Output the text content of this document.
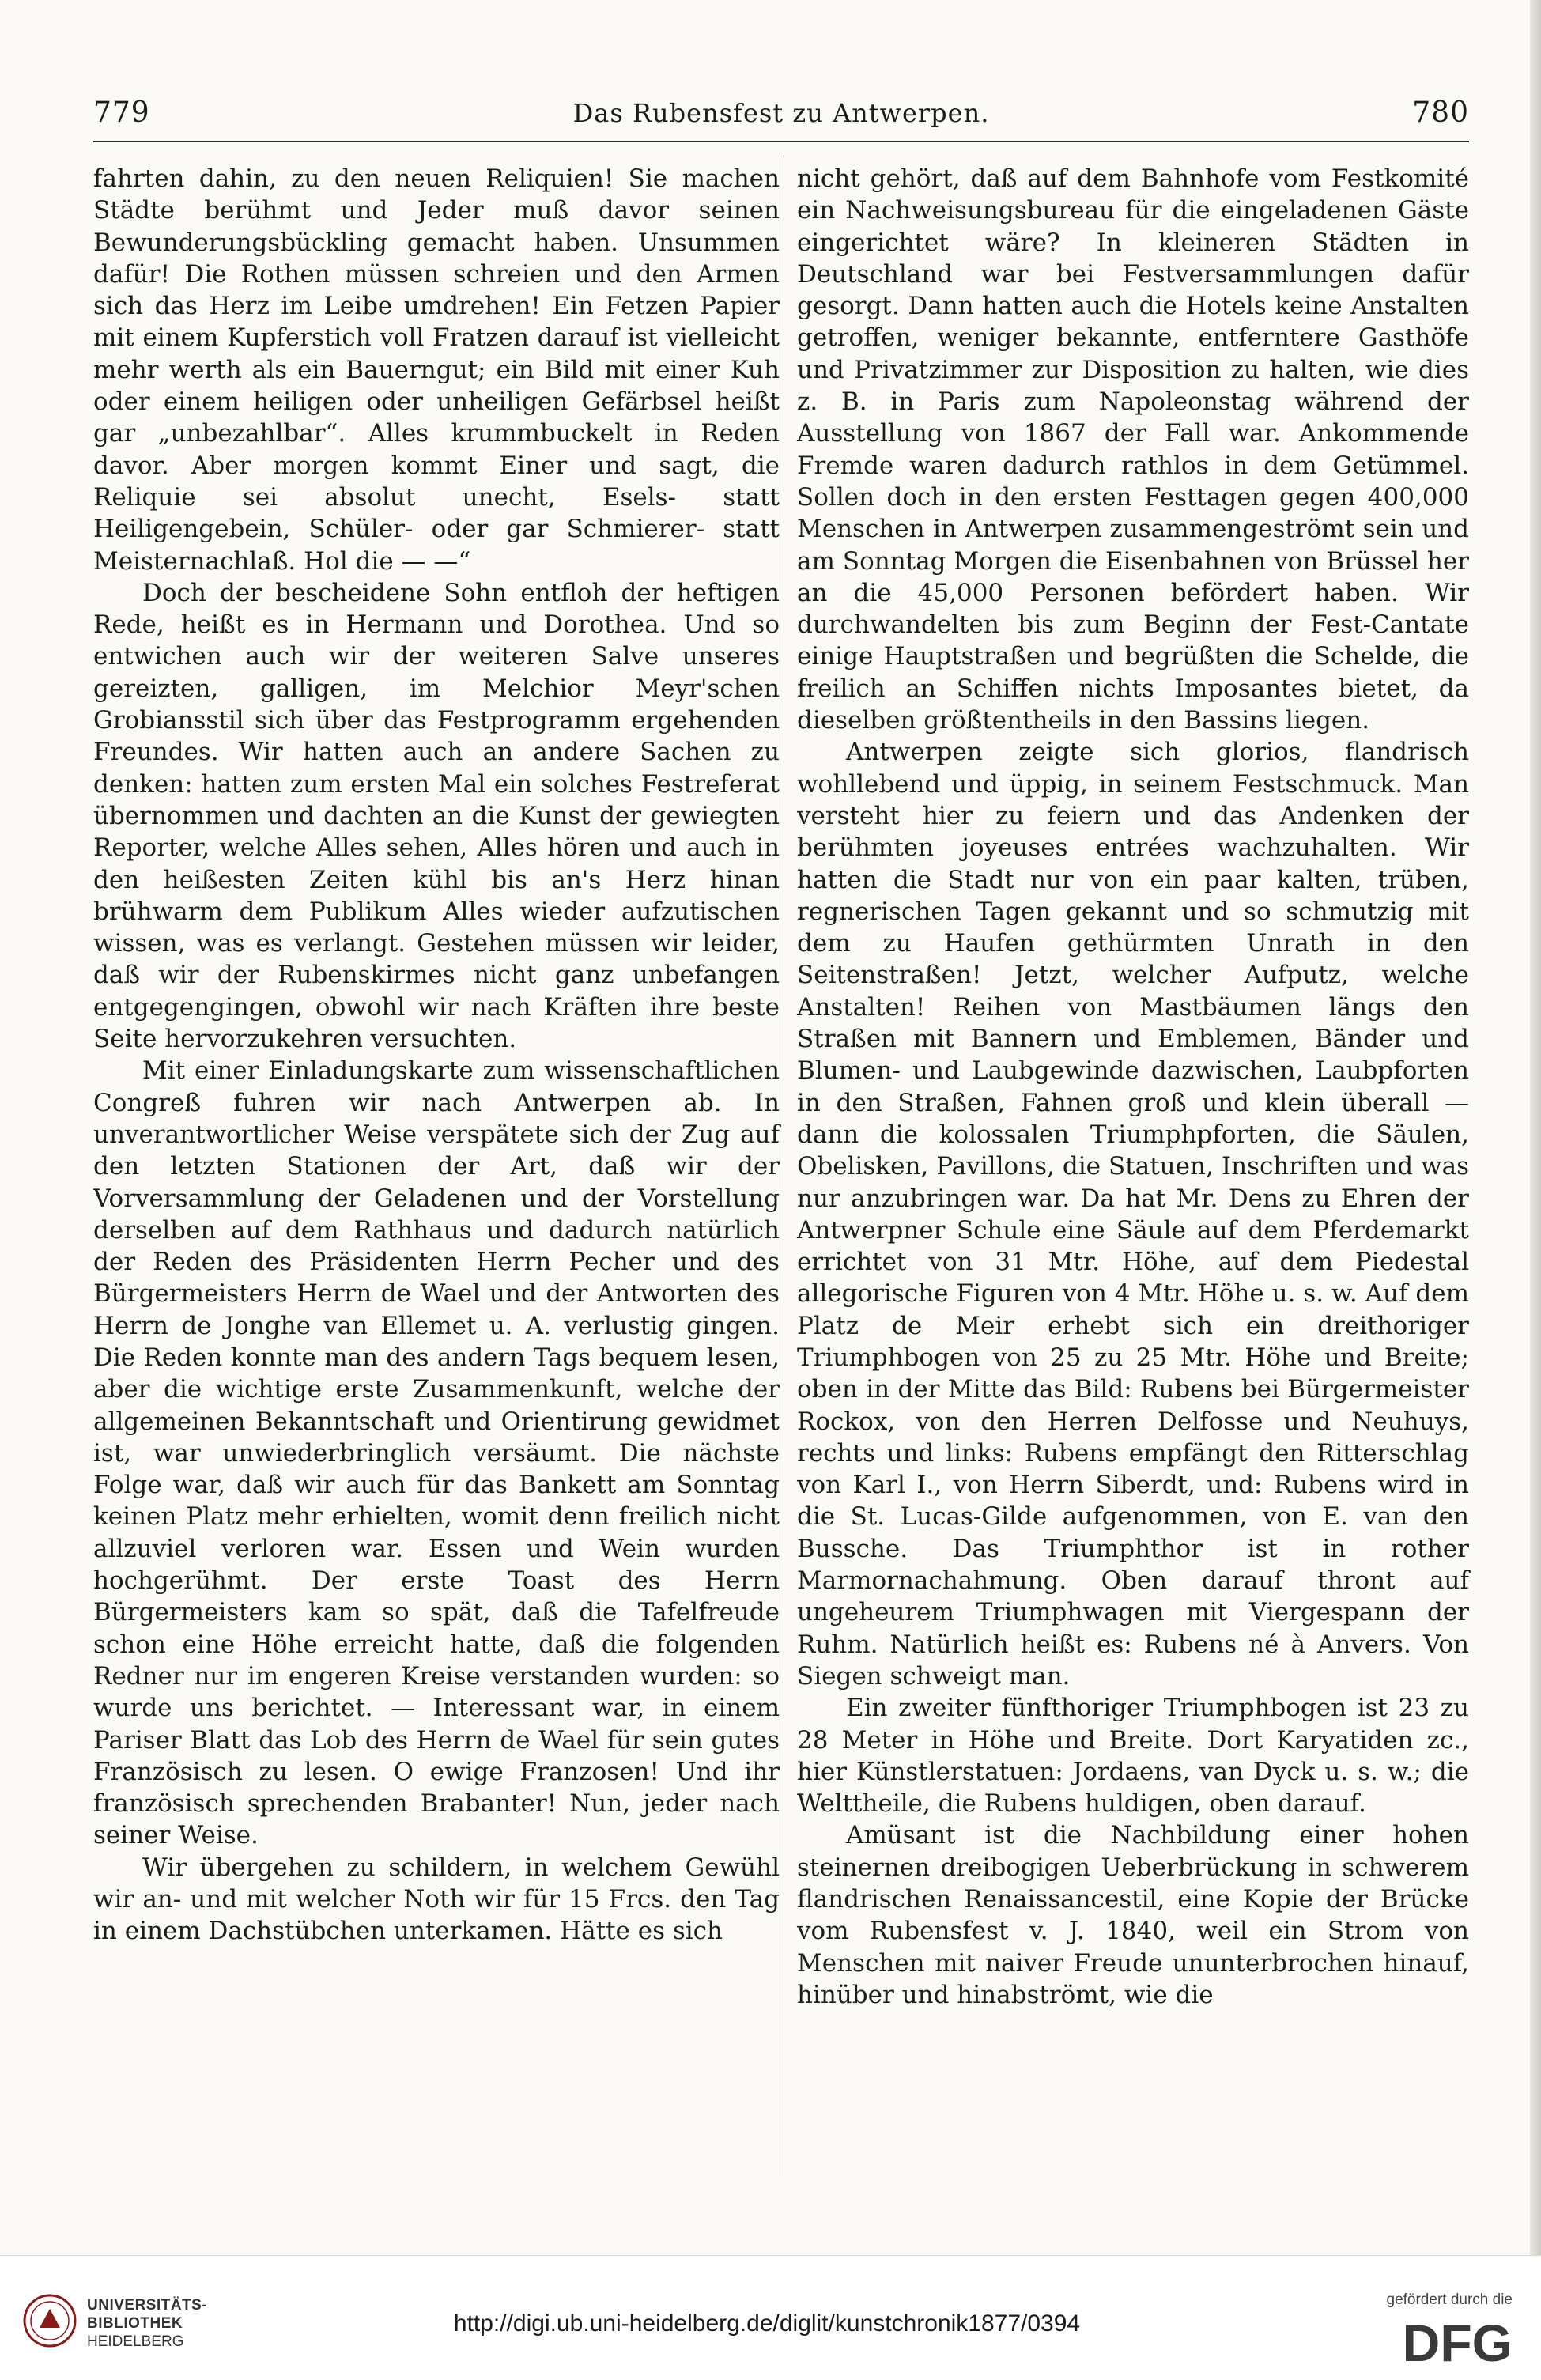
779	Das Rubensfest zu Antwerpen.	780

fahrten dahin, zu den neuen Reliquien! Sie machen Städte berühmt und Jeder muß davor seinen Bewunderungsbückling gemacht haben. Unsummen dafür! Die Rothen müssen schreien und den Armen sich das Herz im Leibe umdrehen! Ein Fetzen Papier mit einem Kupferstich voll Fratzen darauf ist vielleicht mehr werth als ein Bauerngut; ein Bild mit einer Kuh oder einem heiligen oder unheiligen Gefärbsel heißt gar „unbezahlbar“. Alles krummbuckelt in Reden davor. Aber morgen kommt Einer und sagt, die Reliquie sei absolut unecht, Esels- statt Heiligengebein, Schüler- oder gar Schmierer- statt Meisternachlaß. Hol die — —“

Doch der bescheidene Sohn entfloh der heftigen Rede, heißt es in Hermann und Dorothea. Und so entwichen auch wir der weiteren Salve unseres gereizten, galligen, im Melchior Meyr'schen Grobiansstil sich über das Festprogramm ergehenden Freundes. Wir hatten auch an andere Sachen zu denken: hatten zum ersten Mal ein solches Festreferat übernommen und dachten an die Kunst der gewiegten Reporter, welche Alles sehen, Alles hören und auch in den heißesten Zeiten kühl bis an's Herz hinan brühwarm dem Publikum Alles wieder aufzutischen wissen, was es verlangt. Gestehen müssen wir leider, daß wir der Rubenskirmes nicht ganz unbefangen entgegengingen, obwohl wir nach Kräften ihre beste Seite hervorzukehren versuchten.

Mit einer Einladungskarte zum wissenschaftlichen Congreß fuhren wir nach Antwerpen ab. In unverantwortlicher Weise verspätete sich der Zug auf den letzten Stationen der Art, daß wir der Vorversammlung der Geladenen und der Vorstellung derselben auf dem Rathhaus und dadurch natürlich der Reden des Präsidenten Herrn Pecher und des Bürgermeisters Herrn de Wael und der Antworten des Herrn de Jonghe van Ellemet u. A. verlustig gingen. Die Reden konnte man des andern Tags bequem lesen, aber die wichtige erste Zusammenkunft, welche der allgemeinen Bekanntschaft und Orientirung gewidmet ist, war unwiederbringlich versäumt. Die nächste Folge war, daß wir auch für das Bankett am Sonntag keinen Platz mehr erhielten, womit denn freilich nicht allzuviel verloren war. Essen und Wein wurden hochgerühmt. Der erste Toast des Herrn Bürgermeisters kam so spät, daß die Tafelfreude schon eine Höhe erreicht hatte, daß die folgenden Redner nur im engeren Kreise verstanden wurden: so wurde uns berichtet. — Interessant war, in einem Pariser Blatt das Lob des Herrn de Wael für sein gutes Französisch zu lesen. O ewige Franzosen! Und ihr französisch sprechenden Brabanter! Nun, jeder nach seiner Weise.

Wir übergehen zu schildern, in welchem Gewühl wir an- und mit welcher Noth wir für 15 Frcs. den Tag in einem Dachstübchen unterkamen. Hätte es sich

nicht gehört, daß auf dem Bahnhofe vom Festkomité ein Nachweisungsbureau für die eingeladenen Gäste eingerichtet wäre? In kleineren Städten in Deutschland war bei Festversammlungen dafür gesorgt. Dann hatten auch die Hotels keine Anstalten getroffen, weniger bekannte, entferntere Gasthöfe und Privatzimmer zur Disposition zu halten, wie dies z. B. in Paris zum Napoleonstag während der Ausstellung von 1867 der Fall war. Ankommende Fremde waren dadurch rathlos in dem Getümmel. Sollen doch in den ersten Festtagen gegen 400,000 Menschen in Antwerpen zusammengeströmt sein und am Sonntag Morgen die Eisenbahnen von Brüssel her an die 45,000 Personen befördert haben. Wir durchwandelten bis zum Beginn der Fest-Cantate einige Hauptstraßen und begrüßten die Schelde, die freilich an Schiffen nichts Imposantes bietet, da dieselben größtentheils in den Bassins liegen.

Antwerpen zeigte sich glorios, flandrisch wohllebend und üppig, in seinem Festschmuck. Man versteht hier zu feiern und das Andenken der berühmten joyeuses entrées wachzuhalten. Wir hatten die Stadt nur von ein paar kalten, trüben, regnerischen Tagen gekannt und so schmutzig mit dem zu Haufen gethürmten Unrath in den Seitenstraßen! Jetzt, welcher Aufputz, welche Anstalten! Reihen von Mastbäumen längs den Straßen mit Bannern und Emblemen, Bänder und Blumen- und Laubgewinde dazwischen, Laubpforten in den Straßen, Fahnen groß und klein überall — dann die kolossalen Triumphpforten, die Säulen, Obelisken, Pavillons, die Statuen, Inschriften und was nur anzubringen war. Da hat Mr. Dens zu Ehren der Antwerpner Schule eine Säule auf dem Pferdemarkt errichtet von 31 Mtr. Höhe, auf dem Piedestal allegorische Figuren von 4 Mtr. Höhe u. s. w. Auf dem Platz de Meir erhebt sich ein dreithoriger Triumphbogen von 25 zu 25 Mtr. Höhe und Breite; oben in der Mitte das Bild: Rubens bei Bürgermeister Rockox, von den Herren Delfosse und Neuhuys, rechts und links: Rubens empfängt den Ritterschlag von Karl I., von Herrn Siberdt, und: Rubens wird in die St. Lucas-Gilde aufgenommen, von E. van den Bussche. Das Triumphthor ist in rother Marmornachahmung. Oben darauf thront auf ungeheurem Triumphwagen mit Viergespann der Ruhm. Natürlich heißt es: Rubens né à Anvers. Von Siegen schweigt man.

Ein zweiter fünfthoriger Triumphbogen ist 23 zu 28 Meter in Höhe und Breite. Dort Karyatiden zc., hier Künstlerstatuen: Jordaens, van Dyck u. s. w.; die Welttheile, die Rubens huldigen, oben darauf.

Amüsant ist die Nachbildung einer hohen steinernen dreibogigen Ueberbrückung in schwerem flandrischen Renaissancestil, eine Kopie der Brücke vom Rubensfest v. J. 1840, weil ein Strom von Menschen mit naiver Freude ununterbrochen hinauf, hinüber und hinabströmt, wie die

UNIVERSITÄTS-
BIBLIOTHEK
HEIDELBERG
http://digi.ub.uni-heidelberg.de/diglit/kunstchronik1877/0394
gefördert durch die
DFG
